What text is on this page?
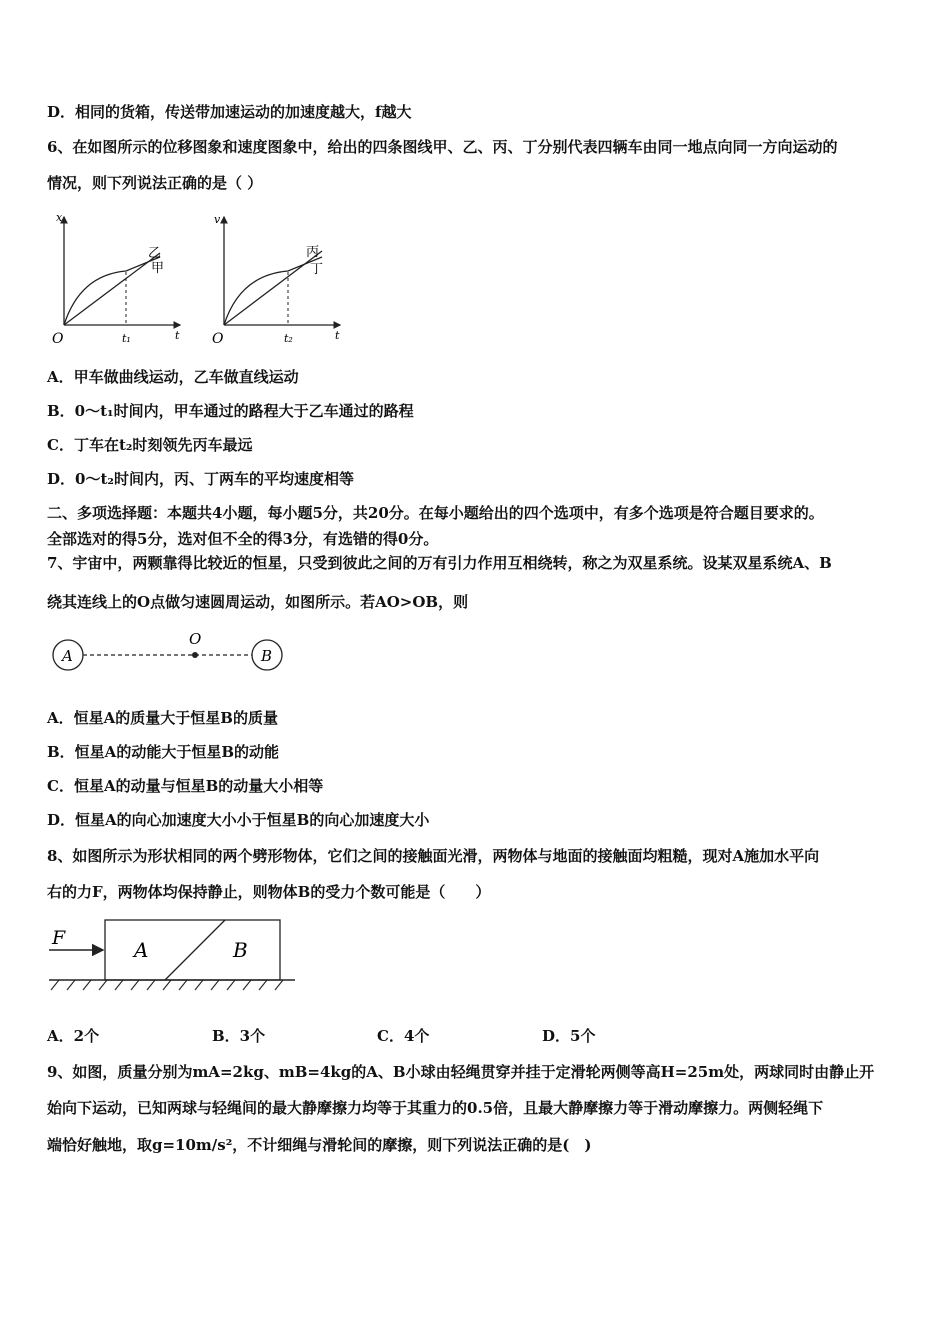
D．相同的货箱，传送带加速运动的加速度越大，f越大
6、在如图所示的位移图象和速度图象中，给出的四条图线甲、乙、丙、丁分别代表四辆车由同一地点向同一方向运动的
情况，则下列说法正确的是（ ）
x
t
O	t₁
乙
甲
v
t
O	t₂
丙
丁
A．甲车做曲线运动，乙车做直线运动
B．0～t₁时间内，甲车通过的路程大于乙车通过的路程
C．丁车在t₂时刻领先丙车最远
D．0～t₂时间内，丙、丁两车的平均速度相等
二、多项选择题：本题共4小题，每小题5分，共20分。在每小题给出的四个选项中，有多个选项是符合题目要求的。
全部选对的得5分，选对但不全的得3分，有选错的得0分。
7、宇宙中，两颗靠得比较近的恒星，只受到彼此之间的万有引力作用互相绕转，称之为双星系统。设某双星系统A、B
绕其连线上的O点做匀速圆周运动，如图所示。若AO>OB，则
A	B
O
A．恒星A的质量大于恒星B的质量
B．恒星A的动能大于恒星B的动能
C．恒星A的动量与恒星B的动量大小相等
D．恒星A的向心加速度大小小于恒星B的向心加速度大小
8、如图所示为形状相同的两个劈形物体，它们之间的接触面光滑，两物体与地面的接触面均粗糙，现对A施加水平向
右的力F，两物体均保持静止，则物体B的受力个数可能是（　　）
A	B
F
A．2个	B．3个	C．4个	D．5个
9、如图，质量分别为mA=2kg、mB=4kg的A、B小球由轻绳贯穿并挂于定滑轮两侧等高H=25m处，两球同时由静止开
始向下运动，已知两球与轻绳间的最大静摩擦力均等于其重力的0.5倍，且最大静摩擦力等于滑动摩擦力。两侧轻绳下
端恰好触地，取g=10m/s²，不计细绳与滑轮间的摩擦，则下列说法正确的是(　)
